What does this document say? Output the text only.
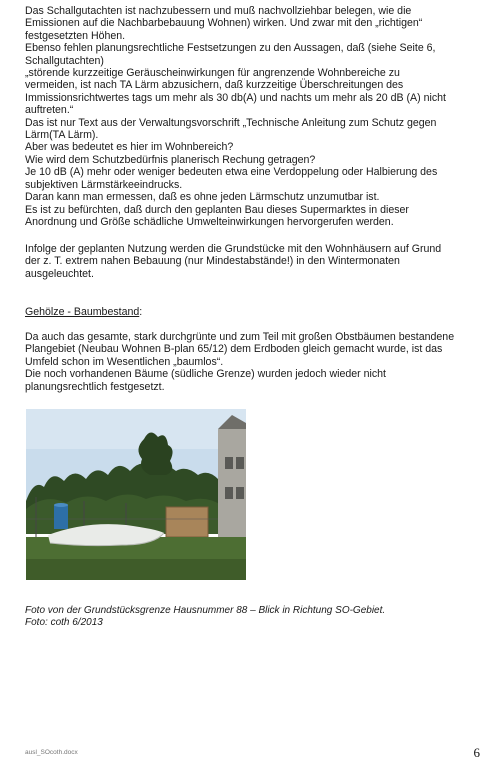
Das Schallgutachten ist nachzubessern und muß nachvollziehbar belegen, wie die
Emissionen auf die Nachbarbebauung Wohnen) wirken. Und zwar mit den „richtigen“
festgesetzten Höhen.
Ebenso fehlen planungsrechtliche Festsetzungen zu den Aussagen, daß (siehe Seite 6,
Schallgutachten)
„störende kurzzeitige Geräuscheinwirkungen für angrenzende Wohnbereiche zu
vermeiden, ist nach TA Lärm abzusichern, daß kurzzeitige Überschreitungen des
Immissionsrichtwertes tags um mehr als 30 db(A) und nachts um mehr als 20 dB (A) nicht
auftreten.“
Das ist nur Text aus der Verwaltungsvorschrift „Technische Anleitung zum Schutz gegen
Lärm(TA Lärm).
Aber was bedeutet es hier im Wohnbereich?
Wie wird dem Schutzbedürfnis planerisch Rechung getragen?
Je 10 dB (A) mehr oder weniger bedeuten etwa eine Verdoppelung oder Halbierung des
subjektiven Lärmstärkeeindrucks.
Daran kann man ermessen, daß es ohne jeden Lärmschutz unzumutbar ist.
Es ist zu befürchten, daß durch den geplanten Bau dieses Supermarktes in dieser
Anordnung und Größe schädliche Umwelteinwirkungen hervorgerufen werden.
Infolge der geplanten Nutzung werden die Grundstücke mit den Wohnhäusern auf Grund
der z. T. extrem nahen Bebauung (nur Mindestabstände!) in den Wintermonaten
ausgeleuchtet.
Gehölze - Baumbestand:
Da auch das gesamte, stark durchgrünte und zum Teil mit großen Obstbäumen bestandene
Plangebiet (Neubau Wohnen B-plan 65/12) dem Erdboden gleich gemacht wurde, ist das
Umfeld schon im Wesentlichen „baumlos“.
Die noch vorhandenen Bäume (südliche Grenze) wurden jedoch wieder nicht
planungsrechtlich festgesetzt.
Foto von der Grundstücksgrenze Hausnummer 88 – Blick in Richtung SO-Gebiet.
Foto: coth 6/2013
ausl_SOcoth.docx	6
